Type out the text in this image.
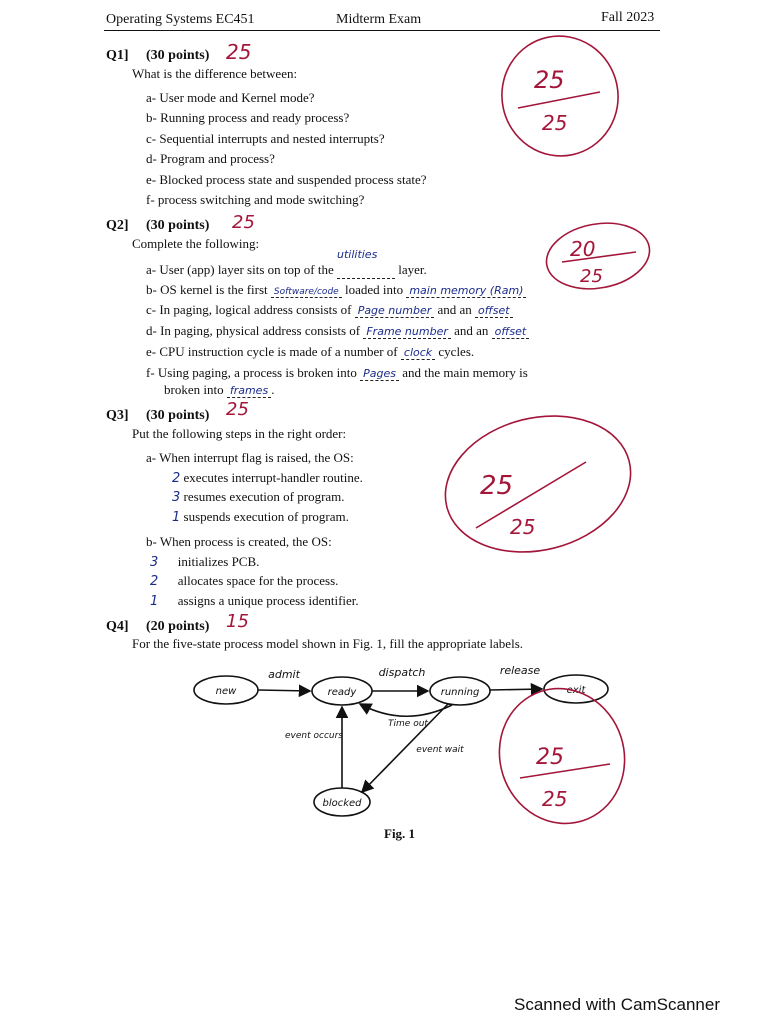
Operating Systems EC451	Midterm Exam	Fall 2023
Q1] (30 points) 25
What is the difference between:
a- User mode and Kernel mode?
b- Running process and ready process?
c- Sequential interrupts and nested interrupts?
d- Program and process?
e- Blocked process state and suspended process state?
f- process switching and mode switching?
25
25
Q2] (30 points) 25
Complete the following:	20
25
a- User (app) layer sits on top of the
utilities
layer.
b- OS kernel is the first Software/code loaded into main memory (Ram)
c- In paging, logical address consists of Page number and an offset
d- In paging, physical address consists of Frame number and an offset
e- CPU instruction cycle is made of a number of clock cycles.
f- Using paging, a process is broken into Pages and the main memory is
broken into frames .
Q3] (30 points) 25
Put the following steps in the right order:
25
25
a- When interrupt flag is raised, the OS:
2 executes interrupt-handler routine.
3 resumes execution of program.
1 suspends execution of program.
b- When process is created, the OS:
3 initializes PCB.
2 allocates space for the process.
1 assigns a unique process identifier.
Q4] (20 points) 15
For the five-state process model shown in Fig. 1, fill the appropriate labels.
new	ready	running	exit
blocked
admit	dispatch	release
Time out
event wait
event occurs
25
25
Fig. 1
Scanned with CamScanner
